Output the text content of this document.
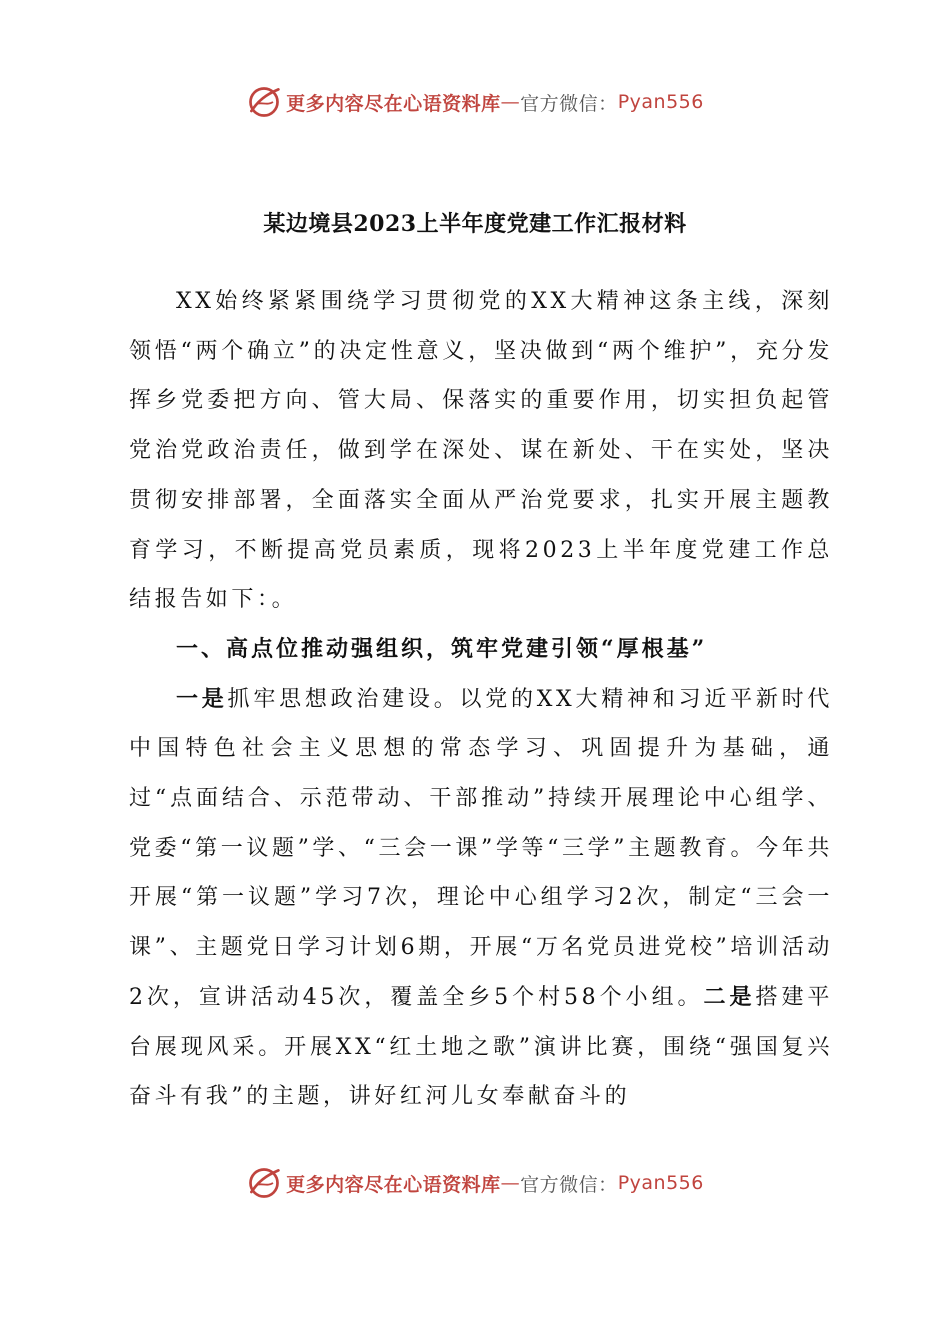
更多内容尽在心语资料库 — 官方微信： Pyan556
某边境县2023上半年度党建工作汇报材料

XX始终紧紧围绕学习贯彻党的XX大精神这条主线，深刻领悟“两个确立”的决定性意义，坚决做到“两个维护”，充分发挥乡党委把方向、管大局、保落实的重要作用，切实担负起管党治党政治责任，做到学在深处、谋在新处、干在实处，坚决贯彻安排部署，全面落实全面从严治党要求，扎实开展主题教育学习，不断提高党员素质，现将2023上半年度党建工作总结报告如下：。

一、高点位推动强组织，筑牢党建引领“厚根基”

一是抓牢思想政治建设。以党的XX大精神和习近平新时代中国特色社会主义思想的常态学习、巩固提升为基础，通过“点面结合、示范带动、干部推动”持续开展理论中心组学、党委“第一议题”学、“三会一课”学等“三学”主题教育。今年共开展“第一议题”学习7次，理论中心组学习2次，制定“三会一课”、主题党日学习计划6期，开展“万名党员进党校”培训活动2次，宣讲活动45次，覆盖全乡5个村58个小组。二是搭建平台展现风采。开展XX“红土地之歌”演讲比赛，围绕“强国复兴奋斗有我”的主题，讲好红河儿女奉献奋斗的

更多内容尽在心语资料库 — 官方微信： Pyan556
